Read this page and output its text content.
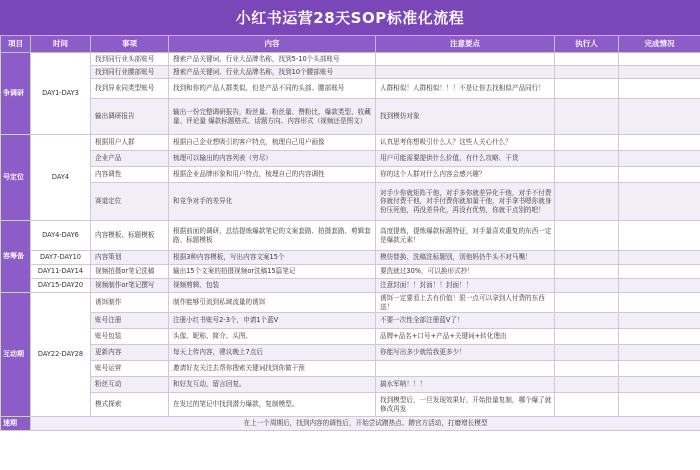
小红书运营28天SOP标准化流程
项目	时间	事项	内容	注意要点	执行人	完成情况
争调研	DAY1-DAY3	找到同行业头部账号	搜索产品关键词、行业大品牌名称，找到5-10个头部账号			
		找到同行业腰部账号	搜索产品关键词、行业大品牌名称，找到10个腰部账号			
		找到异业同类型账号	找到和你的产品人群类似，但是产品不同的头部、腰部账号	人群相似！人群相似！！！不是让你去找相似产品同行！		
		输出调研报告	输出一份完整调研报告，粉丝量、粉丝量、赞粉比、爆款类型、收藏量、评论量 爆款标题格式、话题方向、内容形式（视频还是图文）	找到模仿对象		
号定位	DAY4	根据用户人群	根据自己企业想吸引的客户特点，梳理自己用户画像	认真思考你想吸引什么人？这些人关心什么？		
		企业产品	梳理可以输出的内容列表（穷尽）	用户可能需要提供什么价值，有什么攻略、干货		
		内容调性	根据企业品牌形象和用户特点，梳理自己的内容调性	你的这个人群对什么内容会感兴趣？		
		赛道定位	和竞争对手的差异化	对手少你就矩阵干他，对手多你就差异化干他，对手不付费你就付费干他，对手付费你就加量干他，对手拿书嗯你就身份压死他，再没差异化，再没有优势，你就干点别的吧！		
容筹备	DAY4-DAY6	内容模板、标题模板	根据前面的调研，总结提炼爆款笔记的文案套路、拍摄套路、剪辑套路、标题模板	高度提炼，提炼爆款标题特征，对手量喜欢重复的东西一定是爆款元素！		
	DAY7-DAY10	内容策划	根据3种内容模板，写出内容文案15个	模仿替换、洗稿洗标题别，别他妈仍牛头不对马嘴！		
	DAY11-DAY14	视频拍摄or笔记洗稿	输出15个文案的拍摄视频or洗稿15篇笔记	要洗就过30%，可以换形式抄！		
	DAY15-DAY20	视频制作or笔记撰写	视频剪辑、包装	注意封面！！封面！！封面！！		
互动期	DAY22-DAY28	诱饵制作	制作能够引流到私域流量的诱饵	诱饵一定要看上去有价值！狠一点可以拿到人付费的东西送！		
		账号注册	注册小红书账号2-3个，申请1个蓝V	不要一次性全部注册蓝V了！		
		账号包装	头像、昵称、简介、头图、	品牌+品名+口号+产品+关键词+转化理由		
		更新内容	每天上传内容，建议晚上7点后	你能写出多少就给我更多少！		
		账号运营	邀请好友关注去帮你搜索关键词找到你做干预			
		粉丝互动	和好友互动，留言回复。	搞水军呐！！！		
		模式探索	在发过的笔记中找到潜力爆款，复制模型。	找到模型后，一旦发现效果好，开始批量复制，哪个爆了就修改再发		
速期	在上一个周期后，找到内容的调性后，开始尝试蹭热点、蹭官方活动，打磨增长模型					
